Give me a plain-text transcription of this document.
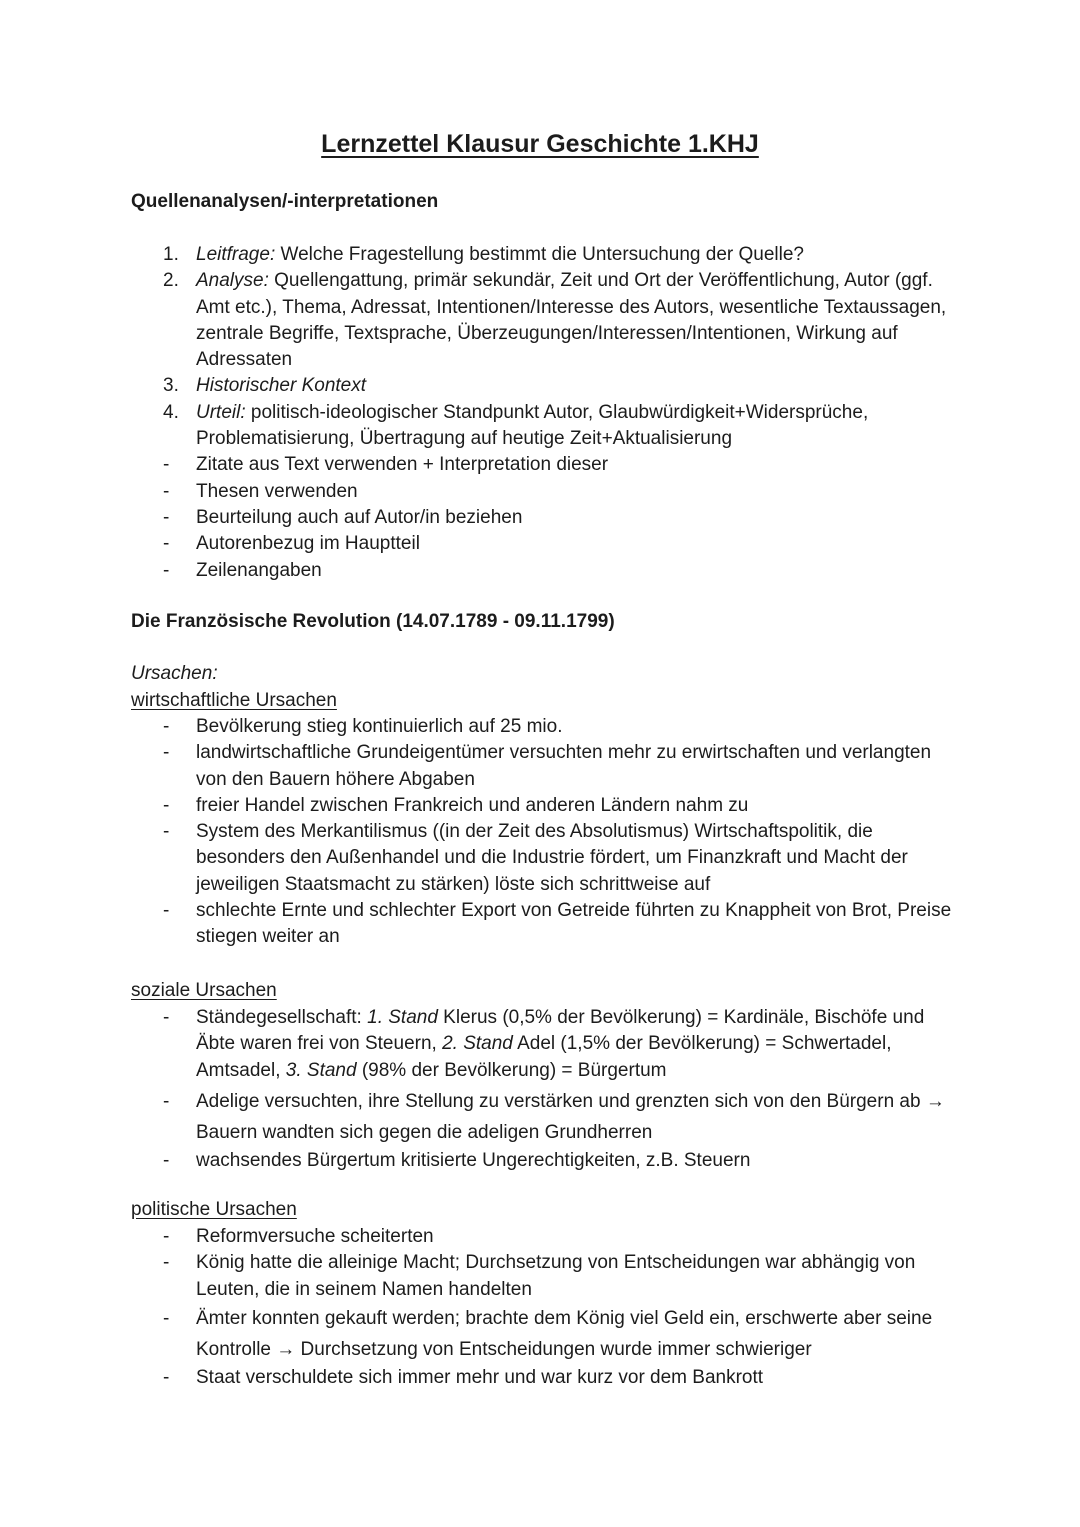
Lernzettel Klausur Geschichte 1.KHJ
Quellenanalysen/-interpretationen
1. Leitfrage: Welche Fragestellung bestimmt die Untersuchung der Quelle?
2. Analyse: Quellengattung, primär sekundär, Zeit und Ort der Veröffentlichung, Autor (ggf. Amt etc.), Thema, Adressat, Intentionen/Interesse des Autors, wesentliche Textaussagen, zentrale Begriffe, Textsprache, Überzeugungen/Interessen/Intentionen, Wirkung auf Adressaten
3. Historischer Kontext
4. Urteil: politisch-ideologischer Standpunkt Autor, Glaubwürdigkeit+Widersprüche, Problematisierung, Übertragung auf heutige Zeit+Aktualisierung
-	Zitate aus Text verwenden + Interpretation dieser
-	Thesen verwenden
-	Beurteilung auch auf Autor/in beziehen
-	Autorenbezug im Hauptteil
-	Zeilenangaben
Die Französische Revolution (14.07.1789 - 09.11.1799)
Ursachen:
wirtschaftliche Ursachen
-	Bevölkerung stieg kontinuierlich auf 25 mio.
-	landwirtschaftliche Grundeigentümer versuchten mehr zu erwirtschaften und verlangten von den Bauern höhere Abgaben
-	freier Handel zwischen Frankreich und anderen Ländern nahm zu
-	System des Merkantilismus ((in der Zeit des Absolutismus) Wirtschaftspolitik, die besonders den Außenhandel und die Industrie fördert, um Finanzkraft und Macht der jeweiligen Staatsmacht zu stärken) löste sich schrittweise auf
-	schlechte Ernte und schlechter Export von Getreide führten zu Knappheit von Brot, Preise stiegen weiter an
soziale Ursachen
-	Ständegesellschaft: 1. Stand Klerus (0,5% der Bevölkerung) = Kardinäle, Bischöfe und Äbte waren frei von Steuern, 2. Stand Adel (1,5% der Bevölkerung) = Schwertadel, Amtsadel, 3. Stand (98% der Bevölkerung) = Bürgertum
-	Adelige versuchten, ihre Stellung zu verstärken und grenzten sich von den Bürgern ab → Bauern wandten sich gegen die adeligen Grundherren
-	wachsendes Bürgertum kritisierte Ungerechtigkeiten, z.B. Steuern
politische Ursachen
-	Reformversuche scheiterten
-	König hatte die alleinige Macht; Durchsetzung von Entscheidungen war abhängig von Leuten, die in seinem Namen handelten
-	Ämter konnten gekauft werden; brachte dem König viel Geld ein, erschwerte aber seine Kontrolle → Durchsetzung von Entscheidungen wurde immer schwieriger
-	Staat verschuldete sich immer mehr und war kurz vor dem Bankrott
